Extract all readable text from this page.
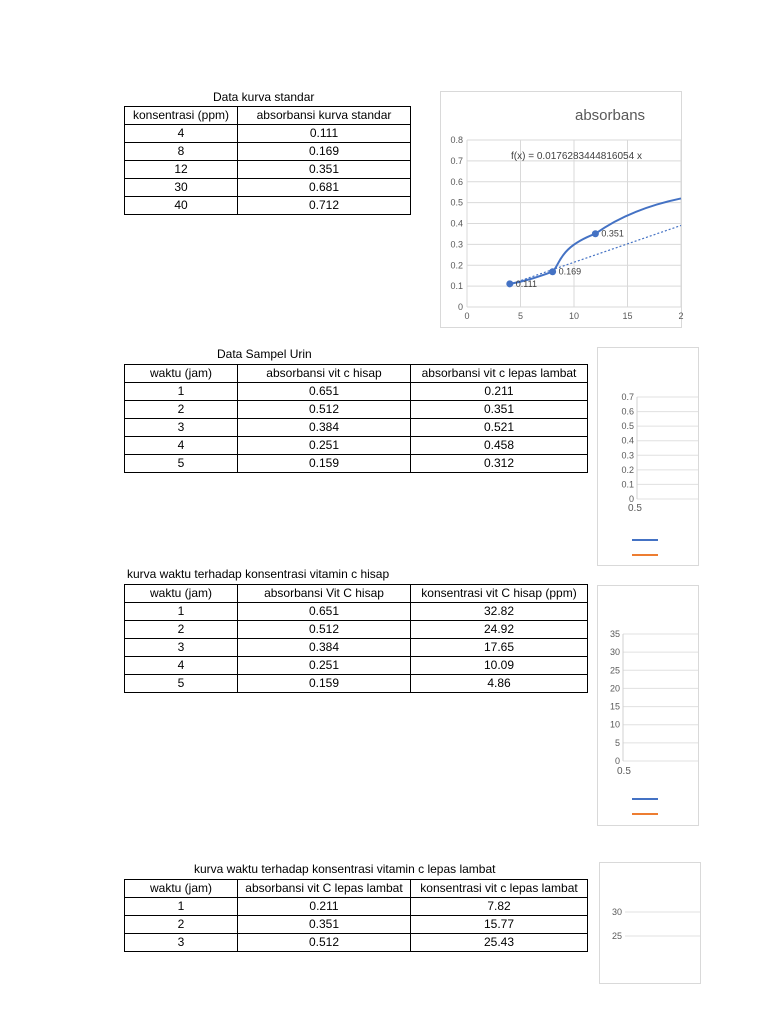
Data kurva standar
konsentrasi (ppm)	absorbansi kurva standar
4	0.111
8	0.169
12	0.351
30	0.681
40	0.712
Data Sampel Urin
waktu (jam)	absorbansi vit c hisap	absorbansi vit c lepas lambat
1	0.651	0.211
2	0.512	0.351
3	0.384	0.521
4	0.251	0.458
5	0.159	0.312
kurva waktu terhadap konsentrasi vitamin c hisap
waktu (jam)	absorbansi Vit C hisap	konsentrasi vit C hisap (ppm)
1	0.651	32.82
2	0.512	24.92
3	0.384	17.65
4	0.251	10.09
5	0.159	4.86
kurva waktu terhadap konsentrasi vitamin c lepas lambat
waktu (jam)	absorbansi vit C lepas lambat	konsentrasi vit c lepas lambat
1	0.211	7.82
2	0.351	15.77
3	0.512	25.43
absorbans
0
0.1
0.2
0.3
0.4
0.5
0.6
0.7
0.8
0	5	10	15	2
f(x) = 0.0176283444816054 x
0.111
0.169
0.351
0
0.1
0.2
0.3
0.4
0.5
0.6
0.7
0.5
0
5
10
15
20
25
30
35
0.5
25
30
